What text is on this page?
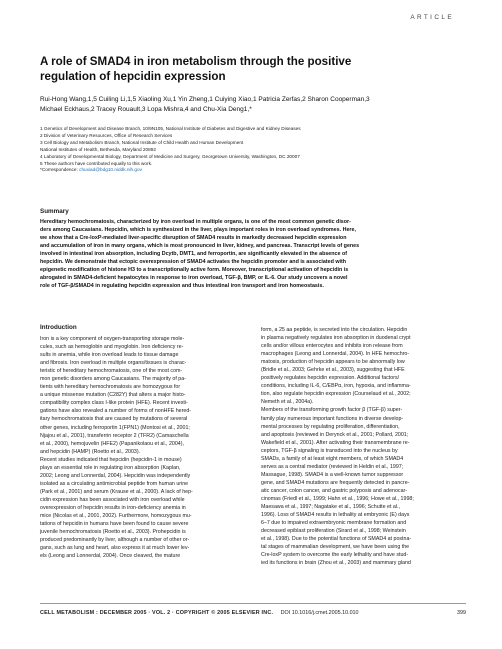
ARTICLE
A role of SMAD4 in iron metabolism through the positive
regulation of hepcidin expression
Rui-Hong Wang,1,5 Cuiling Li,1,5 Xiaoling Xu,1 Yin Zheng,1 Cuiying Xiao,1 Patricia Zerfas,2 Sharon Cooperman,3
Michael Eckhaus,2 Tracey Rouault,3 Lopa Mishra,4 and Chu-Xia Deng1,*
1 Genetics of Development and Disease Branch, 10/9N105, National Institute of Diabetes and Digestive and Kidney Diseases
2 Division of Veterinary Resources, Office of Research Services
3 Cell Biology and Metabolism Branch, National Institute of Child Health and Human Development
National Institutes of Health, Bethesda, Maryland 20892
4 Laboratory of Developmental Biology, Department of Medicine and Surgery, Georgetown University, Washington, DC 20007
5 These authors have contributed equally to this work.
*Correspondence: chuxiad@bdg10.niddk.nih.gov
Summary
Hereditary hemochromatosis, characterized by iron overload in multiple organs, is one of the most common genetic disor-
ders among Caucasians. Hepcidin, which is synthesized in the liver, plays important roles in iron overload syndromes. Here,
we show that a Cre-loxP-mediated liver-specific disruption of SMAD4 results in markedly decreased hepcidin expression
and accumulation of iron in many organs, which is most pronounced in liver, kidney, and pancreas. Transcript levels of genes
involved in intestinal iron absorption, including Dcytb, DMT1, and ferroportin, are significantly elevated in the absence of
hepcidin. We demonstrate that ectopic overexpression of SMAD4 activates the hepcidin promoter and is associated with
epigenetic modification of histone H3 to a transcriptionally active form. Moreover, transcriptional activation of hepcidin is
abrogated in SMAD4-deficient hepatocytes in response to iron overload, TGF-β, BMP, or IL-6. Our study uncovers a novel
role of TGF-β/SMAD4 in regulating hepcidin expression and thus intestinal iron transport and iron homeostasis.
Introduction
Iron is a key component of oxygen-transporting storage mole-
cules, such as hemoglobin and myoglobin. Iron deficiency re-
sults in anemia, while iron overload leads to tissue damage
and fibrosis. Iron overload in multiple organs/tissues is charac-
teristic of hereditary hemochromatosis, one of the most com-
mon genetic disorders among Caucasians. The majority of pa-
tients with hereditary hemochromatosis are homozygous for
a unique missense mutation (C282Y) that alters a major histo-
compatibility complex class I-like protein (HFE). Recent investi-
gations have also revealed a number of forms of nonHFE hered-
itary hemochromatosis that are caused by mutations of several
other genes, including ferroportin 1(FPN1) (Montosi et al., 2001;
Njajou et al., 2001), transferrin receptor 2 (TFR2) (Camaschella
et al., 2000), hemojuvelin (HFE2) (Papanikolaou et al., 2004),
and hepcidin (HAMP) (Roetto et al., 2003).
Recent studies indicated that hepcidin (hepcidin-1 in mouse)
plays an essential role in regulating iron absorption (Kaplan,
2002; Leong and Lonnerdal, 2004). Hepcidin was independently
isolated as a circulating antimicrobial peptide from human urine
(Park et al., 2001) and serum (Krause et al., 2000). A lack of hep-
cidin expression has been associated with iron overload while
overexpression of hepcidin results in iron-deficiency anemia in
mice (Nicolas et al., 2001, 2002). Furthermore, homozygous mu-
tations of hepcidin in humans have been found to cause severe
juvenile hemochromatosis (Roetto et al., 2003). Prohepcidin is
produced predominantly by liver, although a number of other or-
gans, such as lung and heart, also express it at much lower lev-
els (Leong and Lonnerdal, 2004). Once cleaved, the mature
form, a 25 aa peptide, is secreted into the circulation. Hepcidin
in plasma negatively regulates iron absorption in duodenal crypt
cells and/or villous enterocytes and inhibits iron release from
macrophages (Leong and Lonnerdal, 2004). In HFE hemochro-
matosis, production of hepcidin appears to be abnormally low
(Bridle et al., 2003; Gehrke et al., 2003), suggesting that HFE
positively regulates hepcidin expression. Additional factors/
conditions, including IL-6, C/EBPα, iron, hypoxia, and inflamma-
tion, also regulate hepcidin expression (Courselaud et al., 2002;
Nemeth et al., 2004a).
Members of the transforming growth factor β (TGF-β) super-
family play numerous important functions in diverse develop-
mental processes by regulating proliferation, differentiation,
and apoptosis (reviewed in Derynck et al., 2001; Pollard, 2001;
Wakefield et al., 2001). After activating their transmembrane re-
ceptors, TGF-β signaling is transduced into the nucleus by
SMADs, a family of at least eight members, of which SMAD4
serves as a central mediator (reviewed in Heldin et al., 1997;
Massague, 1998). SMAD4 is a well-known tumor suppressor
gene, and SMAD4 mutations are frequently detected in pancre-
atic cancer, colon cancer, and gastric polyposis and adenocar-
cinomas (Friedl et al., 1999; Hahn et al., 1996; Howe et al., 1998;
Maesawa et al., 1997; Nagatake et al., 1996; Schutte et al.,
1996). Loss of SMAD4 results in lethality at embryonic (E) days
6–7 due to impaired extraembryonic membrane formation and
decreased epiblast proliferation (Sirard et al., 1998; Weinstein
et al., 1998). Due to the potential functions of SMAD4 at postna-
tal stages of mammalian development, we have been using the
Cre-loxP system to overcome the early lethality and have stud-
ied its functions in brain (Zhou et al., 2003) and mammary gland
CELL METABOLISM : DECEMBER 2005 · VOL. 2 · COPYRIGHT © 2005 ELSEVIER INC. DOI 10.1016/j.cmet.2005.10.010	399
